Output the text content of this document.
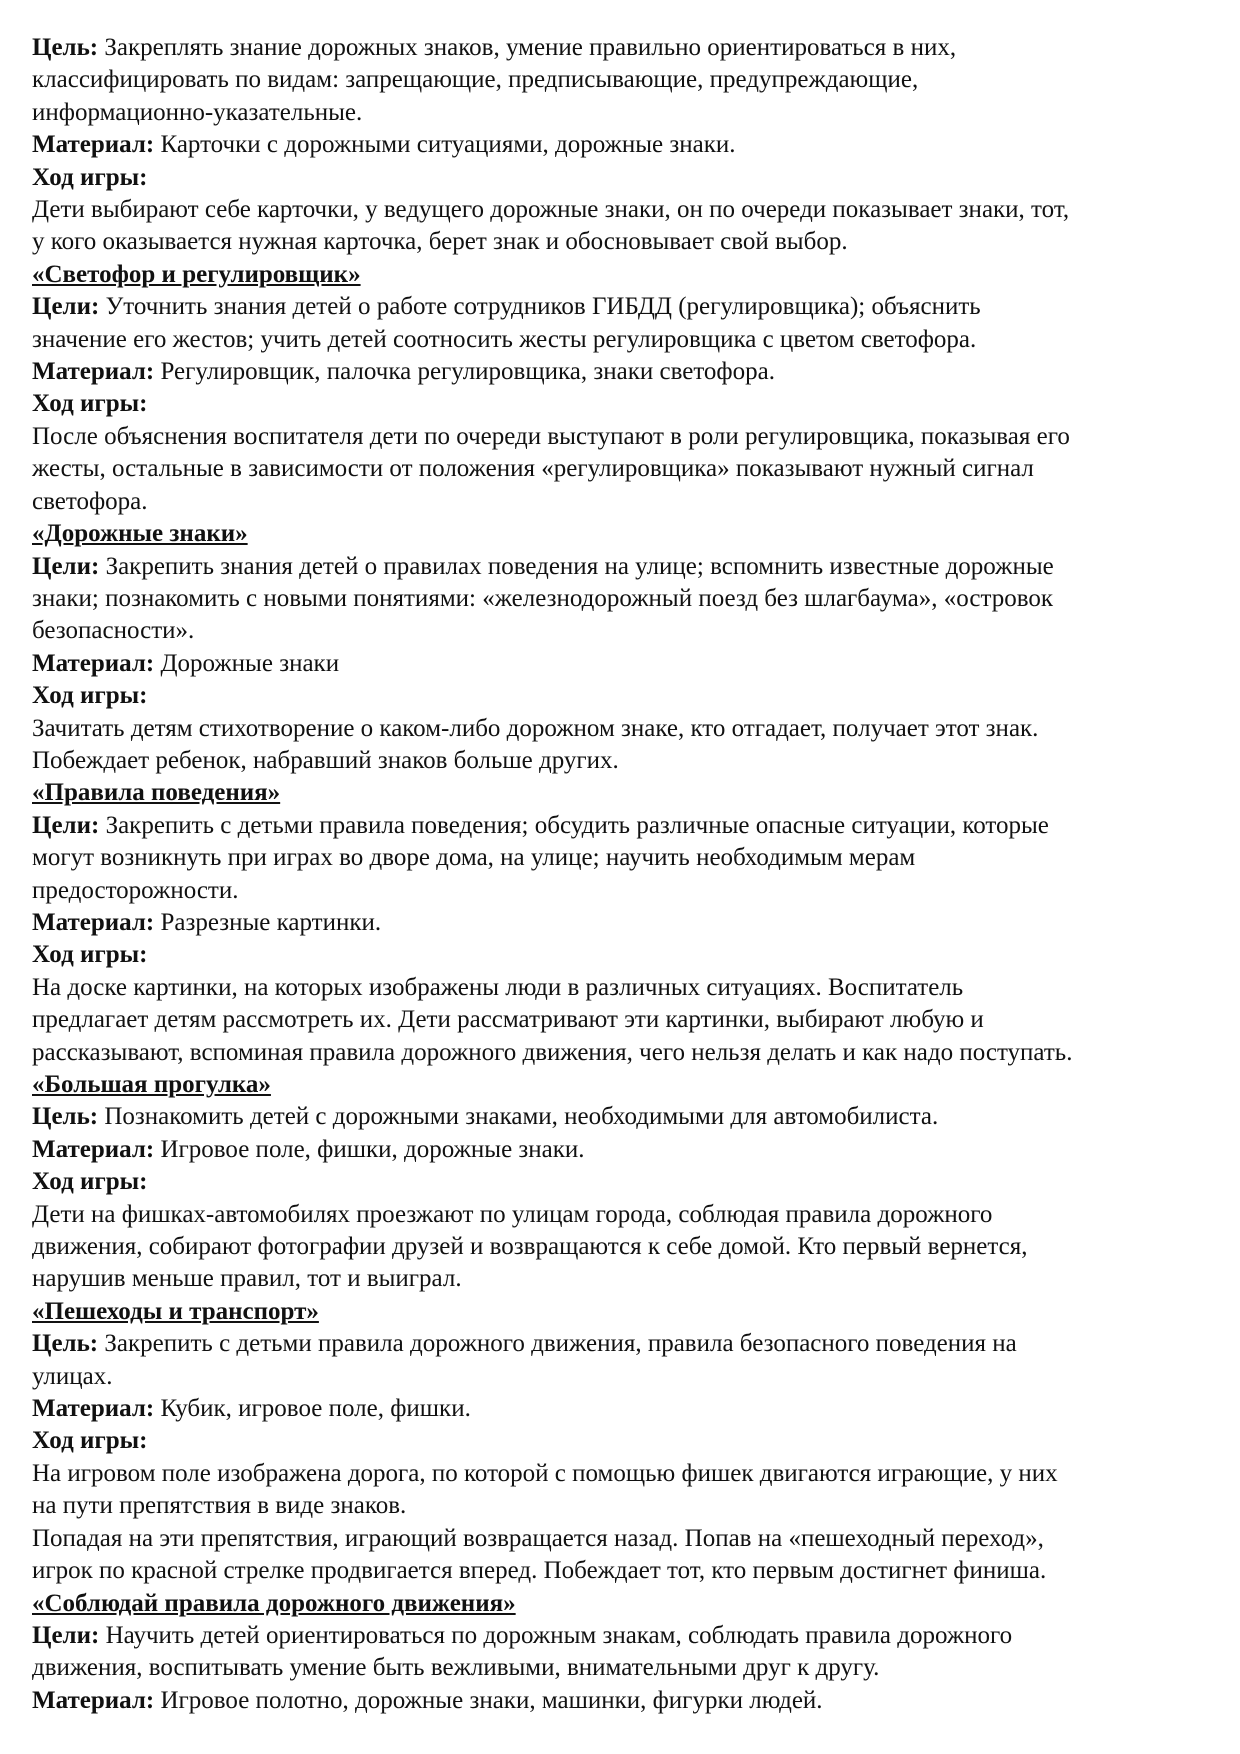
Цель: Закреплять знание дорожных знаков, умение правильно ориентироваться в них,
классифицировать по видам: запрещающие, предписывающие, предупреждающие,
информационно-указательные.
Материал: Карточки с дорожными ситуациями, дорожные знаки.
Ход игры:
Дети выбирают себе карточки, у ведущего дорожные знаки, он по очереди показывает знаки, тот,
у кого оказывается нужная карточка, берет знак и обосновывает свой выбор.
«Светофор и регулировщик»
Цели: Уточнить знания детей о работе сотрудников ГИБДД (регулировщика); объяснить
значение его жестов; учить детей соотносить жесты регулировщика с цветом светофора.
Материал: Регулировщик, палочка регулировщика, знаки светофора.
Ход игры:
После объяснения воспитателя дети по очереди выступают в роли регулировщика, показывая его
жесты, остальные в зависимости от положения «регулировщика» показывают нужный сигнал
светофора.
«Дорожные знаки»
Цели: Закрепить знания детей о правилах поведения на улице; вспомнить известные дорожные
знаки; познакомить с новыми понятиями: «железнодорожный поезд без шлагбаума», «островок
безопасности».
Материал: Дорожные знаки
Ход игры:
Зачитать детям стихотворение о каком-либо дорожном знаке, кто отгадает, получает этот знак.
Побеждает ребенок, набравший знаков больше других.
«Правила поведения»
Цели: Закрепить с детьми правила поведения; обсудить различные опасные ситуации, которые
могут возникнуть при играх во дворе дома, на улице; научить необходимым мерам
предосторожности.
Материал: Разрезные картинки.
Ход игры:
На доске картинки, на которых изображены люди в различных ситуациях. Воспитатель
предлагает детям рассмотреть их. Дети рассматривают эти картинки, выбирают любую и
рассказывают, вспоминая правила дорожного движения, чего нельзя делать и как надо поступать.
«Большая прогулка»
Цель: Познакомить детей с дорожными знаками, необходимыми для автомобилиста.
Материал: Игровое поле, фишки, дорожные знаки.
Ход игры:
Дети на фишках-автомобилях проезжают по улицам города, соблюдая правила дорожного
движения, собирают фотографии друзей и возвращаются к себе домой. Кто первый вернется,
нарушив меньше правил, тот и выиграл.
«Пешеходы и транспорт»
Цель: Закрепить с детьми правила дорожного движения, правила безопасного поведения на
улицах.
Материал: Кубик, игровое поле, фишки.
Ход игры:
На игровом поле изображена дорога, по которой с помощью фишек двигаются играющие, у них
на пути препятствия в виде знаков.
Попадая на эти препятствия, играющий возвращается назад. Попав на «пешеходный переход»,
игрок по красной стрелке продвигается вперед. Побеждает тот, кто первым достигнет финиша.
«Соблюдай правила дорожного движения»
Цели: Научить детей ориентироваться по дорожным знакам, соблюдать правила дорожного
движения, воспитывать умение быть вежливыми, внимательными друг к другу.
Материал: Игровое полотно, дорожные знаки, машинки, фигурки людей.
